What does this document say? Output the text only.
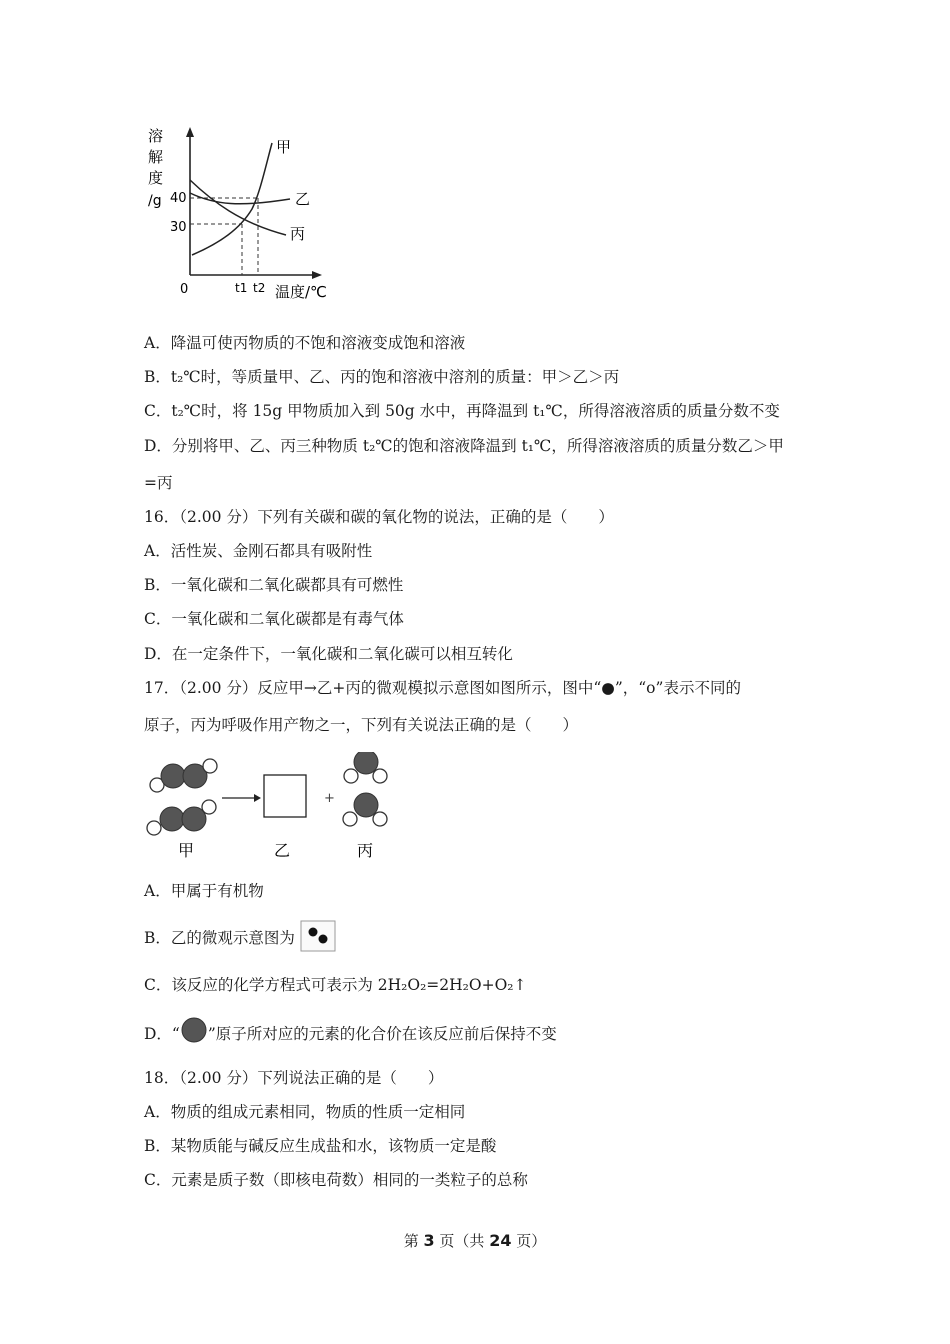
溶
解
度
/g 40
30
0	t1 t2 温度/℃
甲
乙
丙
A．降温可使丙物质的不饱和溶液变成饱和溶液
B．t₂℃时，等质量甲、乙、丙的饱和溶液中溶剂的质量：甲＞乙＞丙
C．t₂℃时，将 15g 甲物质加入到 50g 水中，再降温到 t₁℃，所得溶液溶质的质量分数不变
D．分别将甲、乙、丙三种物质 t₂℃的饱和溶液降温到 t₁℃，所得溶液溶质的质量分数乙＞甲
=丙
16．（2.00 分）下列有关碳和碳的氧化物的说法，正确的是（　　）
A．活性炭、金刚石都具有吸附性
B．一氧化碳和二氧化碳都具有可燃性
C．一氧化碳和二氧化碳都是有毒气体
D．在一定条件下，一氧化碳和二氧化碳可以相互转化
17．（2.00 分）反应甲→乙+丙的微观模拟示意图如图所示，图中“●”，“o”表示不同的
原子，丙为呼吸作用产物之一，下列有关说法正确的是（　　）
+
甲	乙	丙
A．甲属于有机物
B．乙的微观示意图为
C．该反应的化学方程式可表示为 2H₂O₂=2H₂O+O₂↑
D．“ ”原子所对应的元素的化合价在该反应前后保持不变
18．（2.00 分）下列说法正确的是（　　）
A．物质的组成元素相同，物质的性质一定相同
B．某物质能与碱反应生成盐和水，该物质一定是酸
C．元素是质子数（即核电荷数）相同的一类粒子的总称
第 3 页（共 24 页）
